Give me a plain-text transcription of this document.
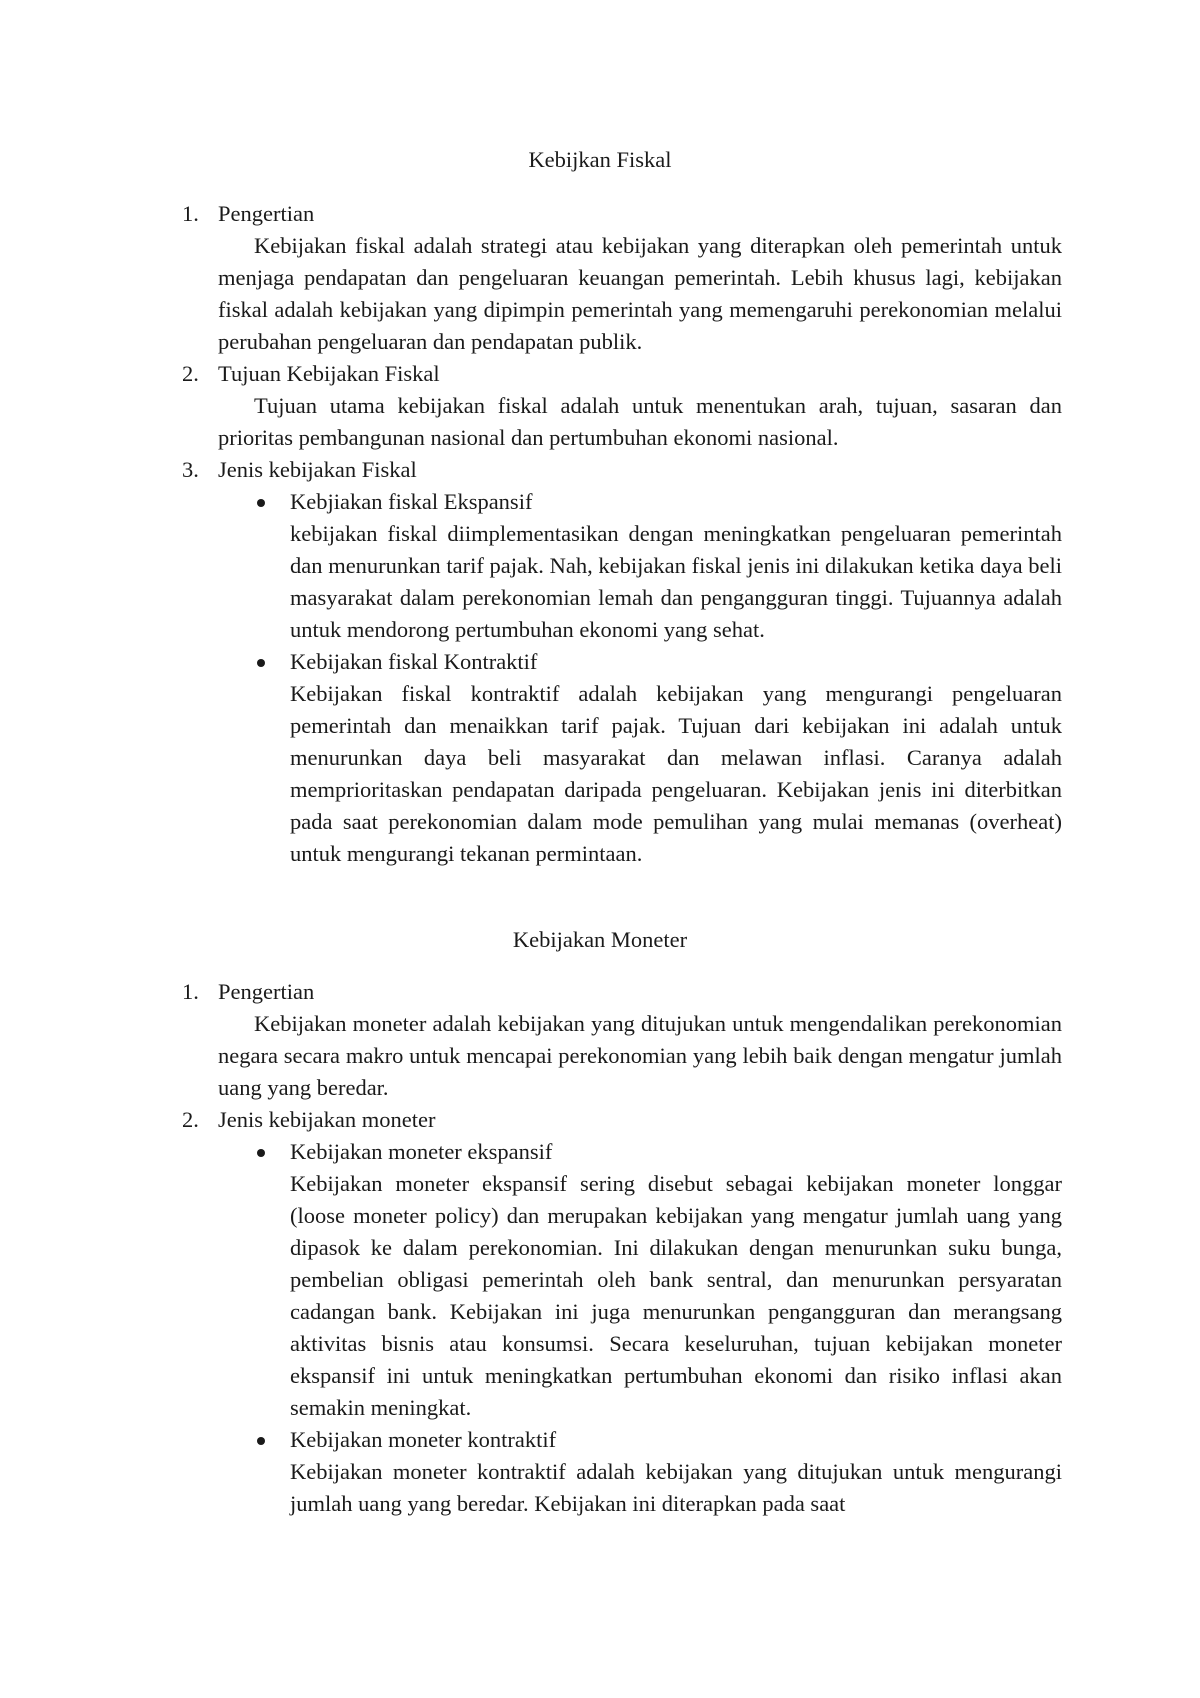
Kebijkan Fiskal
1. Pengertian
Kebijakan fiskal adalah strategi atau kebijakan yang diterapkan oleh pemerintah untuk menjaga pendapatan dan pengeluaran keuangan pemerintah. Lebih khusus lagi, kebijakan fiskal adalah kebijakan yang dipimpin pemerintah yang memengaruhi perekonomian melalui perubahan pengeluaran dan pendapatan publik.
2. Tujuan Kebijakan Fiskal
Tujuan utama kebijakan fiskal adalah untuk menentukan arah, tujuan, sasaran dan prioritas pembangunan nasional dan pertumbuhan ekonomi nasional.
3. Jenis kebijakan Fiskal
Kebjiakan fiskal Ekspansif
kebijakan fiskal diimplementasikan dengan meningkatkan pengeluaran pemerintah dan menurunkan tarif pajak. Nah, kebijakan fiskal jenis ini dilakukan ketika daya beli masyarakat dalam perekonomian lemah dan pengangguran tinggi. Tujuannya adalah untuk mendorong pertumbuhan ekonomi yang sehat.
Kebijakan fiskal Kontraktif
Kebijakan fiskal kontraktif adalah kebijakan yang mengurangi pengeluaran pemerintah dan menaikkan tarif pajak. Tujuan dari kebijakan ini adalah untuk menurunkan daya beli masyarakat dan melawan inflasi. Caranya adalah memprioritaskan pendapatan daripada pengeluaran. Kebijakan jenis ini diterbitkan pada saat perekonomian dalam mode pemulihan yang mulai memanas (overheat) untuk mengurangi tekanan permintaan.
Kebijakan Moneter
1. Pengertian
Kebijakan moneter adalah kebijakan yang ditujukan untuk mengendalikan perekonomian negara secara makro untuk mencapai perekonomian yang lebih baik dengan mengatur jumlah uang yang beredar.
2. Jenis kebijakan moneter
Kebijakan moneter ekspansif
Kebijakan moneter ekspansif sering disebut sebagai kebijakan moneter longgar (loose moneter policy) dan merupakan kebijakan yang mengatur jumlah uang yang dipasok ke dalam perekonomian. Ini dilakukan dengan menurunkan suku bunga, pembelian obligasi pemerintah oleh bank sentral, dan menurunkan persyaratan cadangan bank. Kebijakan ini juga menurunkan pengangguran dan merangsang aktivitas bisnis atau konsumsi. Secara keseluruhan, tujuan kebijakan moneter ekspansif ini untuk meningkatkan pertumbuhan ekonomi dan risiko inflasi akan semakin meningkat.
Kebijakan moneter kontraktif
Kebijakan moneter kontraktif adalah kebijakan yang ditujukan untuk mengurangi jumlah uang yang beredar. Kebijakan ini diterapkan pada saat
